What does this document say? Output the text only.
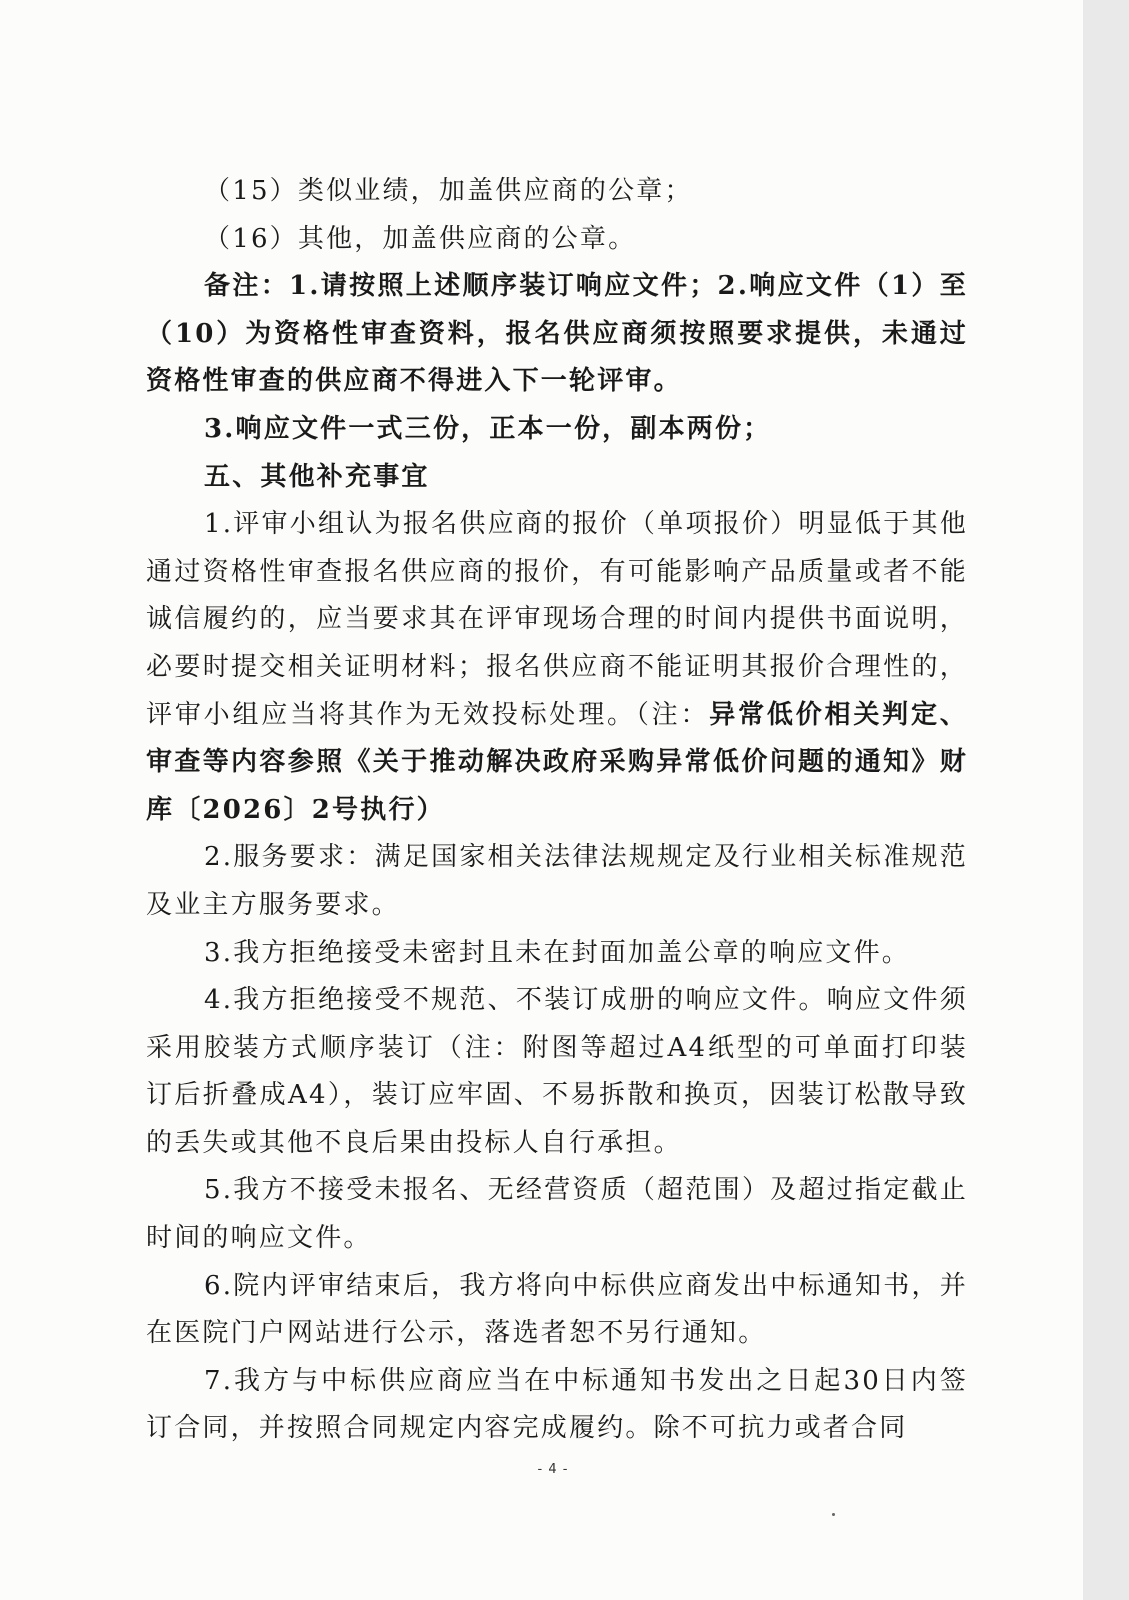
（15）类似业绩，加盖供应商的公章；

（16）其他，加盖供应商的公章。

备注：1.请按照上述顺序装订响应文件；2.响应文件（1）至（10）为资格性审查资料，报名供应商须按照要求提供，未通过资格性审查的供应商不得进入下一轮评审。

3.响应文件一式三份，正本一份，副本两份；

五、其他补充事宜

1.评审小组认为报名供应商的报价（单项报价）明显低于其他通过资格性审查报名供应商的报价，有可能影响产品质量或者不能诚信履约的，应当要求其在评审现场合理的时间内提供书面说明，必要时提交相关证明材料；报名供应商不能证明其报价合理性的，评审小组应当将其作为无效投标处理。（注：异常低价相关判定、审查等内容参照《关于推动解决政府采购异常低价问题的通知》财库〔2026〕2号执行）

2.服务要求：满足国家相关法律法规规定及行业相关标准规范及业主方服务要求。

3.我方拒绝接受未密封且未在封面加盖公章的响应文件。

4.我方拒绝接受不规范、不装订成册的响应文件。响应文件须采用胶装方式顺序装订（注：附图等超过A4纸型的可单面打印装订后折叠成A4），装订应牢固、不易拆散和换页，因装订松散导致的丢失或其他不良后果由投标人自行承担。

5.我方不接受未报名、无经营资质（超范围）及超过指定截止时间的响应文件。

6.院内评审结束后，我方将向中标供应商发出中标通知书，并在医院门户网站进行公示，落选者恕不另行通知。

7.我方与中标供应商应当在中标通知书发出之日起30日内签订合同，并按照合同规定内容完成履约。除不可抗力或者合同

- 4 -
